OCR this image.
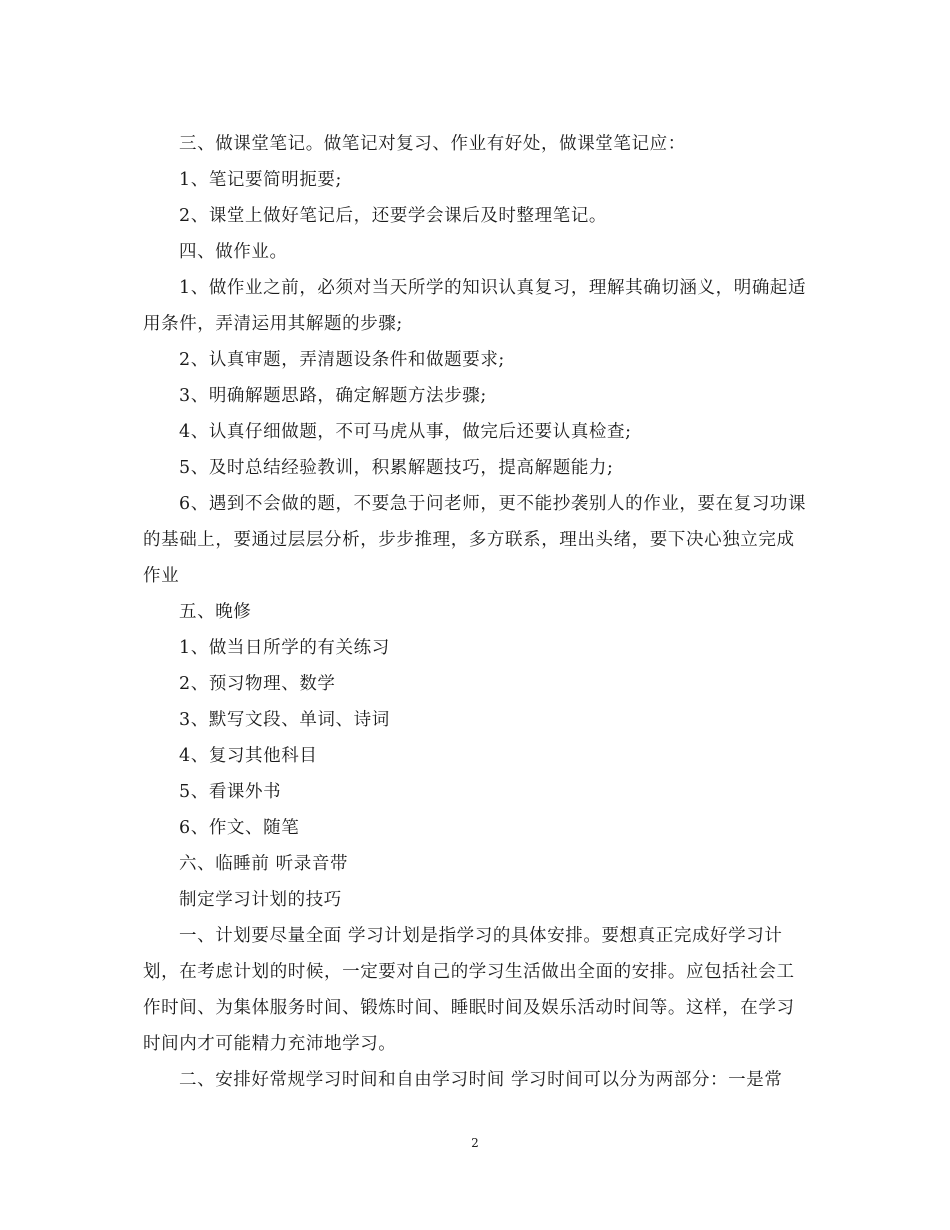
三、做课堂笔记。做笔记对复习、作业有好处，做课堂笔记应：

1、笔记要简明扼要;

2、课堂上做好笔记后，还要学会课后及时整理笔记。

四、做作业。

1、做作业之前，必须对当天所学的知识认真复习，理解其确切涵义，明确起适用条件，弄清运用其解题的步骤;

2、认真审题，弄清题设条件和做题要求;

3、明确解题思路，确定解题方法步骤;

4、认真仔细做题，不可马虎从事，做完后还要认真检查;

5、及时总结经验教训，积累解题技巧，提高解题能力;

6、遇到不会做的题，不要急于问老师，更不能抄袭别人的作业，要在复习功课的基础上，要通过层层分析，步步推理，多方联系，理出头绪，要下决心独立完成作业

五、晚修

1、做当日所学的有关练习

2、预习物理、数学

3、默写文段、单词、诗词

4、复习其他科目

5、看课外书

6、作文、随笔

六、临睡前 听录音带

制定学习计划的技巧

一、计划要尽量全面 学习计划是指学习的具体安排。要想真正完成好学习计划，在考虑计划的时候，一定要对自己的学习生活做出全面的安排。应包括社会工作时间、为集体服务时间、锻炼时间、睡眠时间及娱乐活动时间等。这样，在学习时间内才可能精力充沛地学习。

二、安排好常规学习时间和自由学习时间 学习时间可以分为两部分：一是常

2
